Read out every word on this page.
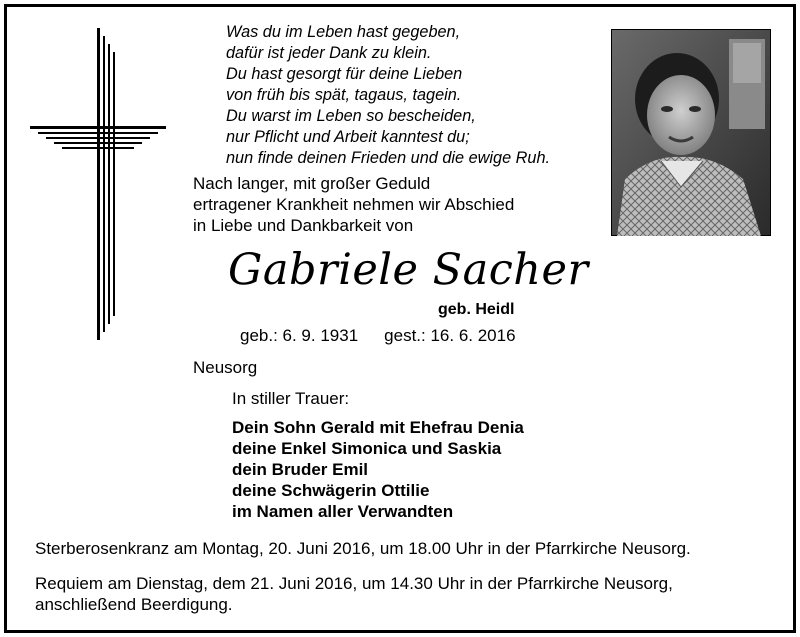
Was du im Leben hast gegeben,
dafür ist jeder Dank zu klein.
Du hast gesorgt für deine Lieben
von früh bis spät, tagaus, tagein.
Du warst im Leben so bescheiden,
nur Pflicht und Arbeit kanntest du;
nun finde deinen Frieden und die ewige Ruh.
Nach langer, mit großer Geduld
ertragener Krankheit nehmen wir Abschied
in Liebe und Dankbarkeit von
Gabriele Sacher
geb. Heidl
geb.: 6. 9. 1931 gest.: 16. 6. 2016
Neusorg
In stiller Trauer:
Dein Sohn Gerald mit Ehefrau Denia
deine Enkel Simonica und Saskia
dein Bruder Emil
deine Schwägerin Ottilie
im Namen aller Verwandten
Sterberosenkranz am Montag, 20. Juni 2016, um 18.00 Uhr in der Pfarrkirche Neusorg.
Requiem am Dienstag, dem 21. Juni 2016, um 14.30 Uhr in der Pfarrkirche Neusorg,
anschließend Beerdigung.
